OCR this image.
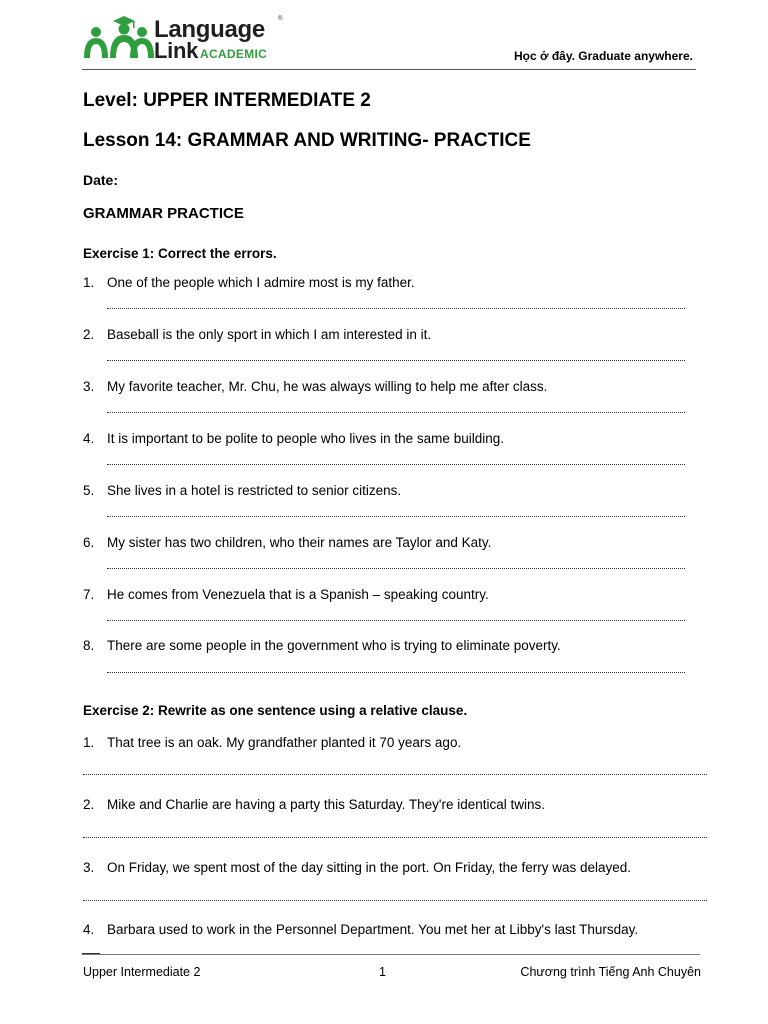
Language ®
Link ACADEMIC	Học ở đây. Graduate anywhere.
Level: UPPER INTERMEDIATE 2
Lesson 14: GRAMMAR AND WRITING- PRACTICE
Date:
GRAMMAR PRACTICE
Exercise 1: Correct the errors.
1. One of the people which I admire most is my father.
2. Baseball is the only sport in which I am interested in it.
3. My favorite teacher, Mr. Chu, he was always willing to help me after class.
4. It is important to be polite to people who lives in the same building.
5. She lives in a hotel is restricted to senior citizens.
6. My sister has two children, who their names are Taylor and Katy.
7. He comes from Venezuela that is a Spanish – speaking country.
8. There are some people in the government who is trying to eliminate poverty.
Exercise 2: Rewrite as one sentence using a relative clause.
1. That tree is an oak. My grandfather planted it 70 years ago.
2. Mike and Charlie are having a party this Saturday. They're identical twins.
3. On Friday, we spent most of the day sitting in the port. On Friday, the ferry was delayed.
4. Barbara used to work in the Personnel Department. You met her at Libby's last Thursday.
Upper Intermediate 2	1	Chương trình Tiếng Anh Chuyên
